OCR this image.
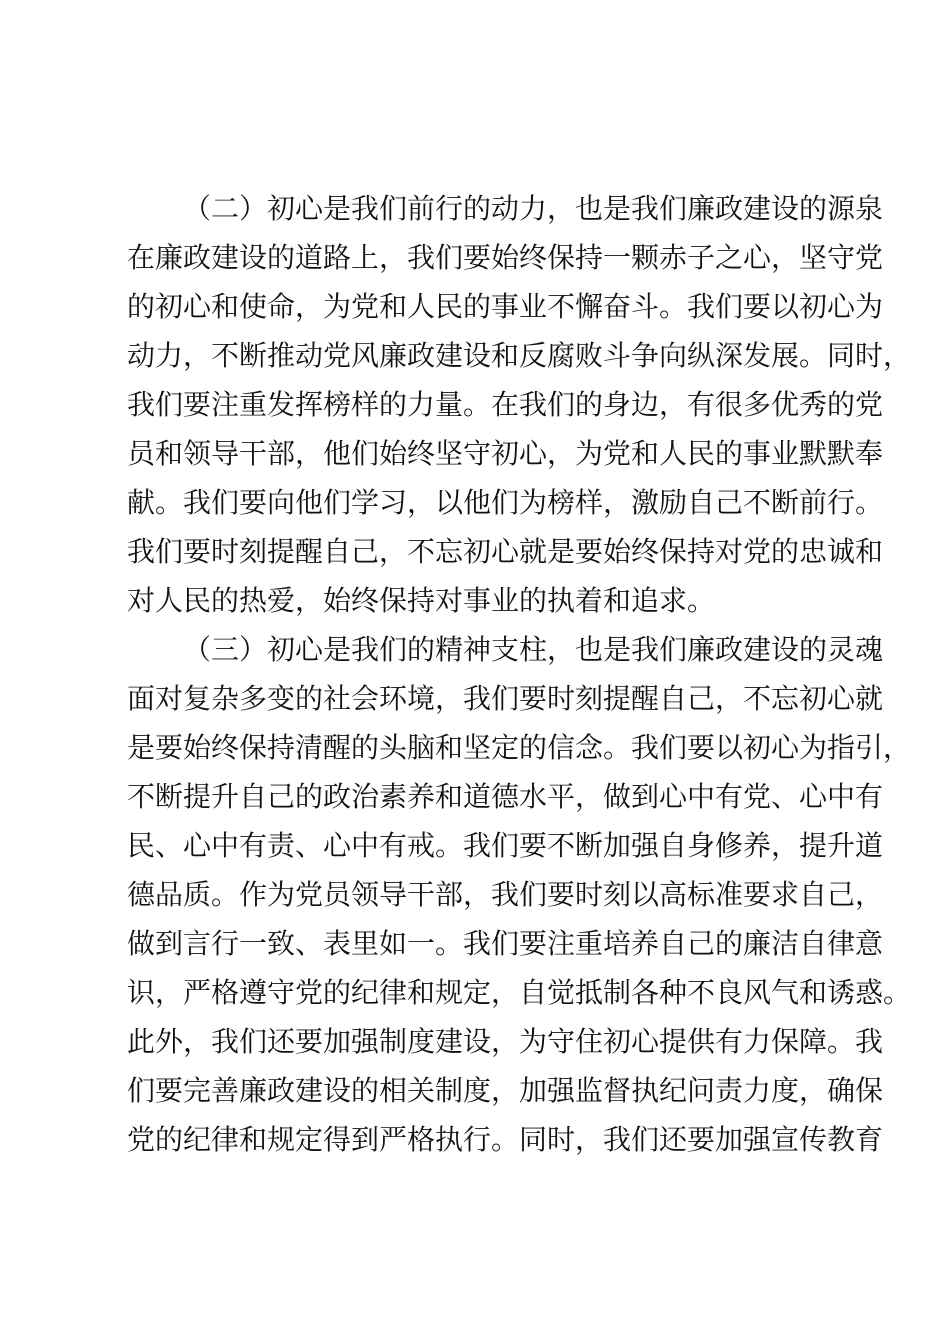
（二）初心是我们前行的动力，也是我们廉政建设的源泉
在廉政建设的道路上，我们要始终保持一颗赤子之心，坚守党
的初心和使命，为党和人民的事业不懈奋斗。我们要以初心为
动力，不断推动党风廉政建设和反腐败斗争向纵深发展。同时，
我们要注重发挥榜样的力量。在我们的身边，有很多优秀的党
员和领导干部，他们始终坚守初心，为党和人民的事业默默奉
献。我们要向他们学习，以他们为榜样，激励自己不断前行。
我们要时刻提醒自己，不忘初心就是要始终保持对党的忠诚和
对人民的热爱，始终保持对事业的执着和追求。
（三）初心是我们的精神支柱，也是我们廉政建设的灵魂
面对复杂多变的社会环境，我们要时刻提醒自己，不忘初心就
是要始终保持清醒的头脑和坚定的信念。我们要以初心为指引，
不断提升自己的政治素养和道德水平，做到心中有党、心中有
民、心中有责、心中有戒。我们要不断加强自身修养，提升道
德品质。作为党员领导干部，我们要时刻以高标准要求自己，
做到言行一致、表里如一。我们要注重培养自己的廉洁自律意
识，严格遵守党的纪律和规定，自觉抵制各种不良风气和诱惑。
此外，我们还要加强制度建设，为守住初心提供有力保障。我
们要完善廉政建设的相关制度，加强监督执纪问责力度，确保
党的纪律和规定得到严格执行。同时，我们还要加强宣传教育
